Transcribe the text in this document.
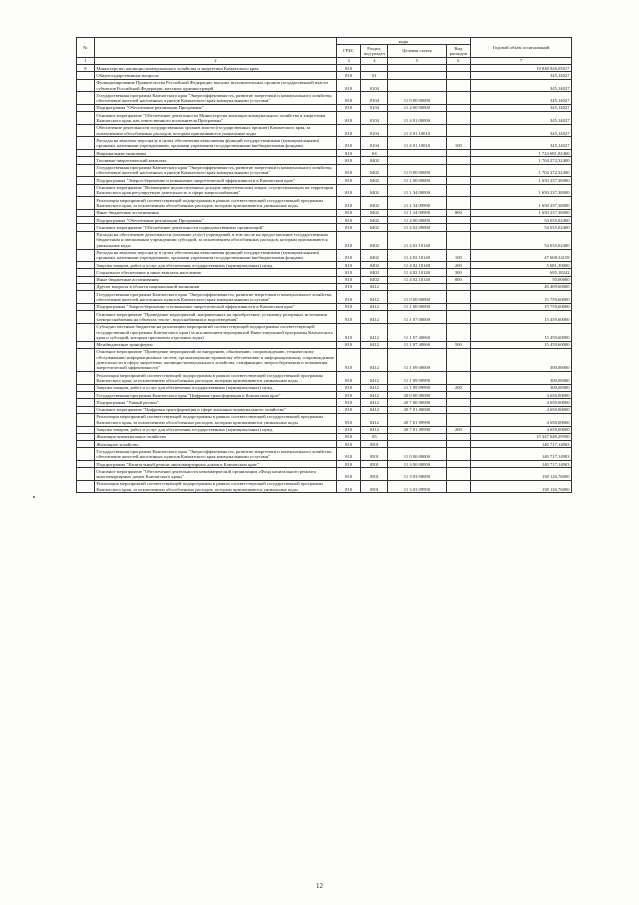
№		коды				Годовой объём ассигнований
		ГРБС	Раздел, под-раздел	Целевая статья	Вид расходов	
1	2	3	4	5	6	7
8	Министерство жилищно-коммунального хозяйства и энергетики Камчатского края	810				19 048 926,05017
	Общегосударственные вопросы	810	01			345,14027
	Функционирование Правительства Российской Федерации, высших исполнительных органов государственной власти субъектов Российской Федерации, местных администраций	810	0104			345,14027
	Государственная программа Камчатского края "Энергоэффективность, развитие энергетики и коммунального хозяйства, обеспечение жителей населенных пунктов Камчатского края коммунальными услугами"	810	0104	11 0 00 00000		345,14027
	Подпрограмма "Обеспечение реализации Программы"	810	0104	11 4 00 00000		345,14027
	Основное мероприятие "Обеспечение деятельности Министерства жилищно-коммунального хозяйства и энергетики Камчатского края, как ответственного исполнителя Программы"	810	0104	11 4 01 00000		345,14027
	Обеспечение деятельности государственных органов власти (государственных органов) Камчатского края, за исключением обособленных расходов, которым присваиваются уникальные коды	810	0104	11 4 01 10010		345,14027
	Расходы на выплаты персоналу в целях обеспечения выполнения функций государственными (муниципальными) органами, казенными учреждениями, органами управления государственными внебюджетными фондами	810	0104	11 4 01 10010	100	345,14027
	Национальная экономика	810	04			1 724 681,92400
	Топливно-энергетический комплекс	810	0402			1 704 272,32400
	Государственная программа Камчатского края "Энергоэффективность, развитие энергетики и коммунального хозяйства, обеспечение жителей населенных пунктов Камчатского края коммунальными услугами"	810	0402	11 0 00 00000		1 704 272,32400
	Подпрограмма "Энергосбережение и повышение энергетической эффективности в Камчатском крае"	810	0402	11 1 00 00000		1 650 237,30000
	Основное мероприятие "Возмещение недополученных доходов энергетическим лицам, осуществляющим на территории Камчатского края регулируемую деятельность в сфере энергоснабжения"	810	0402	11 1 34 00000		1 650 237,30000
	Реализация мероприятий соответствующей подпрограммы в рамках соответствующей государственной программы Камчатского края, за исключением обособленных расходов, которым присваиваются уникальные коды	810	0402	11 1 34 09990		1 650 237,30000
	Иные бюджетные ассигнования	810	0402	11 1 34 09990	800	1 650 237,30000
	Подпрограмма "Обеспечение реализации Программы"	810	0402	11 4 00 00000		54 035,02400
	Основное мероприятие "Обеспечение деятельности подведомственных организаций"	810	0402	11 4 02 00000		54 035,02400
	Расходы на обеспечение деятельности (оказание услуг) учреждений, в том числе на предоставление государственным бюджетным и автономным учреждениям субсидий, за исключением обособленных расходов, которым присваиваются уникальные коды	810	0402	11 4 02 10140		54 035,02400
	Расходы на выплаты персоналу в целях обеспечения выполнения функций государственными (муниципальными) органами, казенными учреждениями, органами управления государственными внебюджетными фондами	810	0402	11 4 02 10140	100	47 608,54158
	Закупка товаров, работ и услуг для обеспечения государственных (муниципальных) нужд	810	0402	11 4 02 10140	200	5 681,30000
	Социальное обеспечение и иные выплаты населению	810	0402	11 4 02 10140	300	695,18242
	Иные бюджетные ассигнования	810	0402	11 4 02 10140	800	50,00000
	Другие вопросы в области национальной экономики	810	0412			20 409,60000
	Государственная программа Камчатского края "Энергоэффективность, развитие энергетики и коммунального хозяйства, обеспечение жителей населенных пунктов Камчатского края коммунальными услугами"	810	0412	11 0 00 00000		15 759,60000
	Подпрограмма "Энергосбережение и повышение энергетической эффективности в Камчатском крае"	810	0412	11 1 00 00000		15 759,60000
	Основное мероприятие "Проведение мероприятий, направленных на приобретение, установку резервных источников электроснабжения на объектах тепло-, водоснабжения и водоотведения"	810	0412	11 1 07 00000		15 459,60000
	Субсидии местным бюджетам на реализацию мероприятий соответствующей подпрограммы соответствующей государственной программы Камчатского края (за исключением мероприятий Инвестиционной программы Камчатского края и субсидий, которым присвоены отдельные коды)	810	0412	11 1 07 40060		15 459,60000
	Межбюджетные трансферты	810	0412	11 1 07 40060	500	15 459,60000
	Основное мероприятие "Проведение мероприятий по внедрению, обновлению, сопровождению, техническому обслуживанию информационных систем, организационно-правовому обеспечению и информационному сопровождению деятельности в сфере энергетики, жилищно-коммунального хозяйства, газификации, энергосбережения и повышения энергетической эффективности"	810	0412	11 1 09 00000		300,00000
	Реализация мероприятий соответствующей подпрограммы в рамках соответствующей государственной программы Камчатского края, за исключением обособленных расходов, которым присваиваются уникальные коды	810	0412	11 1 09 09990		300,00000
	Закупка товаров, работ и услуг для обеспечения государственных (муниципальных) нужд	810	0412	11 1 09 09990	200	300,00000
	Государственная программа Камчатского края "Цифровая трансформация в Камчатском крае"	810	0412	20 0 00 00000		4 650,00000
	Подпрограмма "Умный регион"	810	0412	20 7 00 00000		4 650,00000
	Основное мероприятие "Цифровая трансформация в сфере жилищно-коммунального хозяйства"	810	0412	20 7 01 00000		4 650,00000
	Реализация мероприятий соответствующей подпрограммы в рамках соответствующей государственной программы Камчатского края, за исключением обособленных расходов, которым присваиваются уникальные коды	810	0412	20 7 01 09990		4 650,00000
	Закупка товаров, работ и услуг для обеспечения государственных (муниципальных) нужд	810	0412	20 7 01 09990	200	4 650,00000
	Жилищно-коммунальное хозяйство	810	05			15 347 649,29590
	Жилищное хозяйство	810	0501			140 717,14903
	Государственная программа Камчатского края "Энергоэффективность, развитие энергетики и коммунального хозяйства, обеспечение жителей населенных пунктов Камчатского края коммунальными услугами"	810	0501	11 0 00 00000		140 717,14903
	Подпрограмма "Капитальный ремонт многоквартирных домов в Камчатском крае"	810	0501	11 3 00 00000		140 717,14903
	Основное мероприятие "Обеспечение деятельности некоммерческой организации «Фонд капитального ремонта многоквартирных домов Камчатского края»"	810	0501	11 3 03 00000		138 126,76000
	Реализация мероприятий соответствующей подпрограммы в рамках соответствующей государственной программы Камчатского края, за исключением обособленных расходов, которым присваиваются уникальные коды	810	0501	11 3 03 09990		138 126,76000
12
